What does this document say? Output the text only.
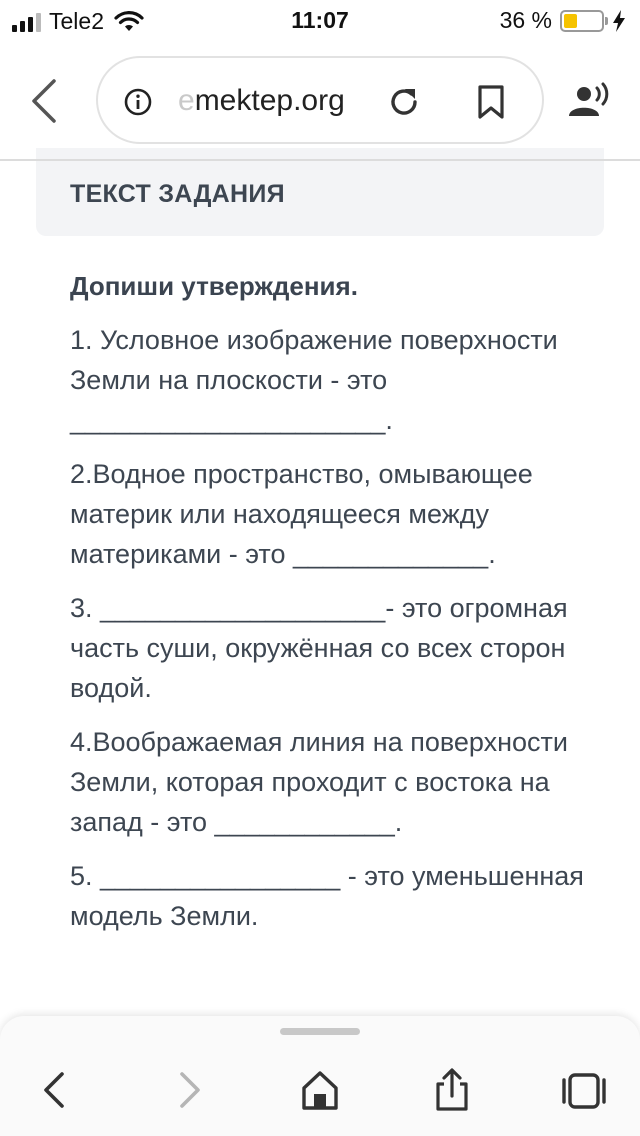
Tele2	11:07	36 %
emektep.org
ТЕКСТ ЗАДАНИЯ
Допиши утверждения.
1. Условное изображение поверхности Земли на плоскости - это _____________________.
2.Водное пространство, омывающее материк или находящееся между материками - это _____________.
3. ___________________- это огромная часть суши, окружённая со всех сторон водой.
4.Воображаемая линия на поверхности Земли, которая проходит с востока на запад - это ____________.
5. ________________ - это уменьшенная модель Земли.
